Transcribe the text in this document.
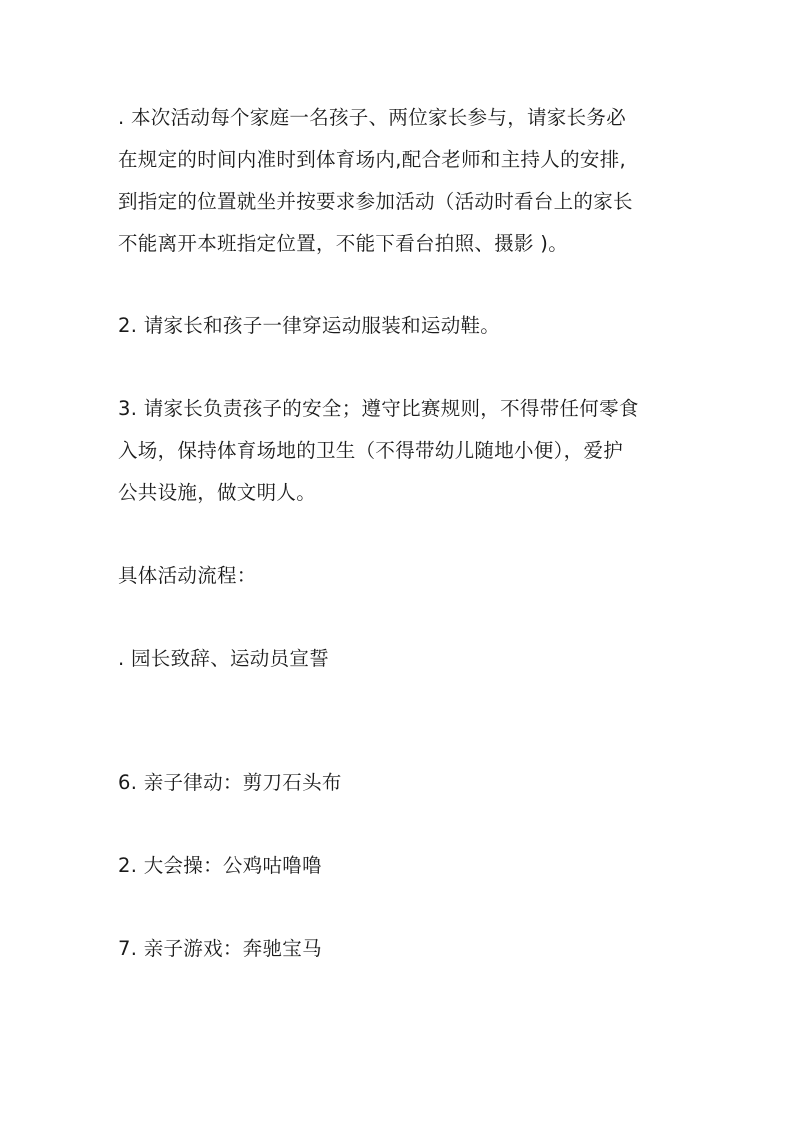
. 本次活动每个家庭一名孩子、两位家长参与，请家长务必
在规定的时间内准时到体育场内,配合老师和主持人的安排,
到指定的位置就坐并按要求参加活动（活动时看台上的家长
不能离开本班指定位置，不能下看台拍照、摄影 )。
2. 请家长和孩子一律穿运动服装和运动鞋。
3. 请家长负责孩子的安全；遵守比赛规则，不得带任何零食
入场，保持体育场地的卫生（不得带幼儿随地小便），爱护
公共设施，做文明人。
具体活动流程：
. 园长致辞、运动员宣誓
6. 亲子律动：剪刀石头布
2. 大会操：公鸡咕噜噜
7. 亲子游戏：奔驰宝马
